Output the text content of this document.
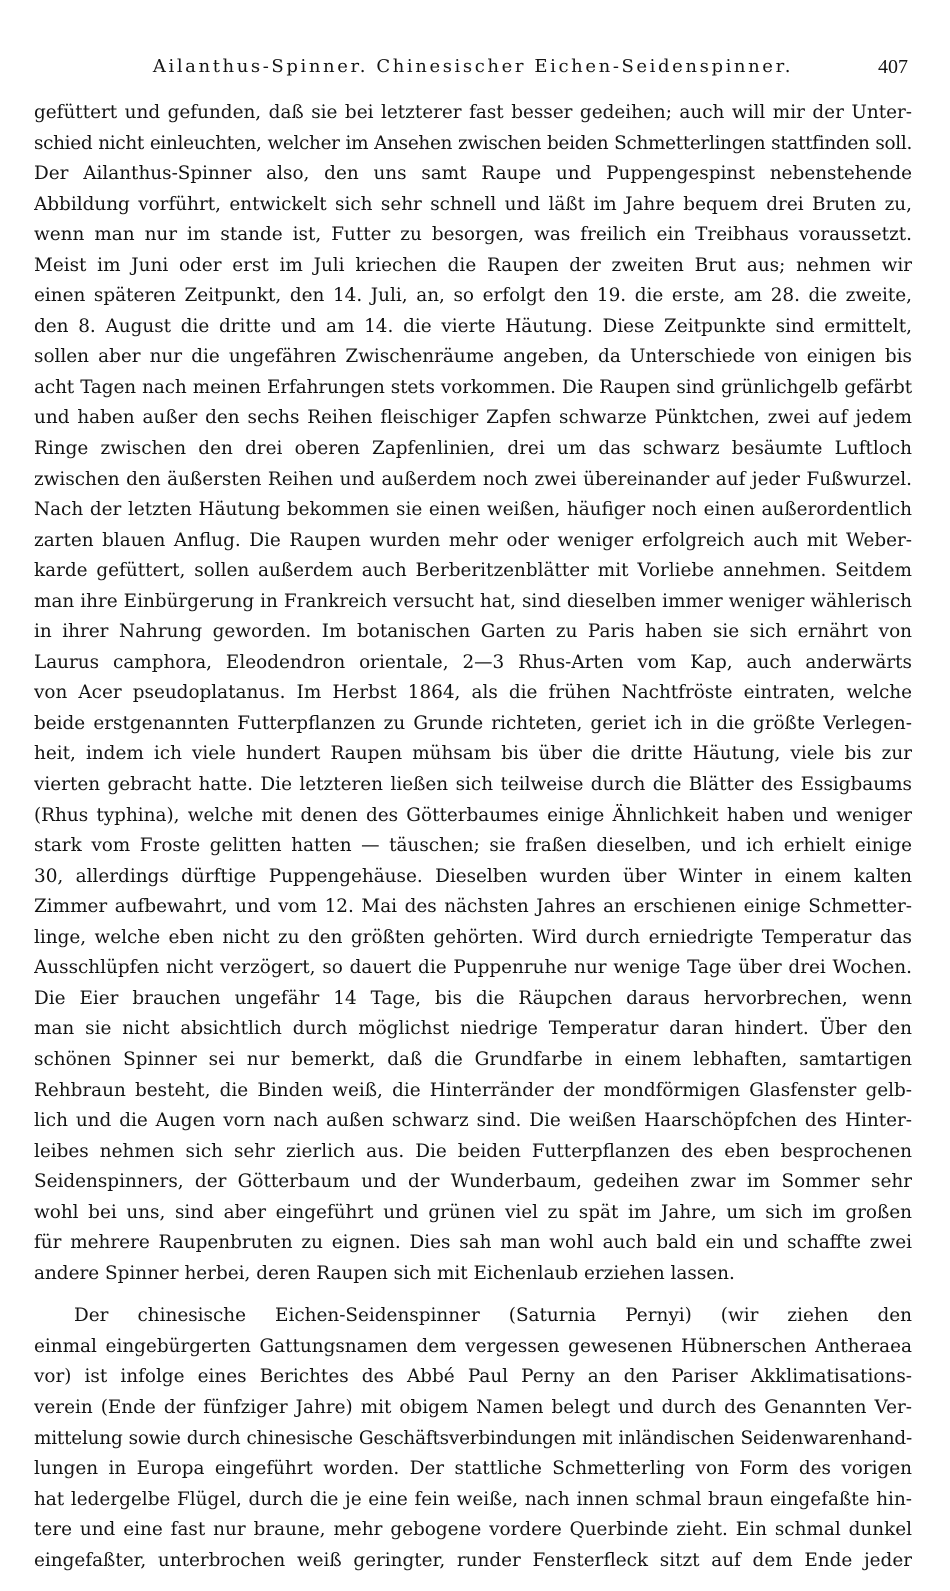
Ailanthus-Spinner. Chinesischer Eichen-Seidenspinner.	407

gefüttert und gefunden, daß sie bei letzterer fast besser gedeihen; auch will mir der Unter-

schied nicht einleuchten, welcher im Ansehen zwischen beiden Schmetterlingen stattfinden soll.

Der Ailanthus-Spinner also, den uns samt Raupe und Puppengespinst nebenstehende

Abbildung vorführt, entwickelt sich sehr schnell und läßt im Jahre bequem drei Bruten zu,

wenn man nur im stande ist, Futter zu besorgen, was freilich ein Treibhaus voraussetzt.

Meist im Juni oder erst im Juli kriechen die Raupen der zweiten Brut aus; nehmen wir

einen späteren Zeitpunkt, den 14. Juli, an, so erfolgt den 19. die erste, am 28. die zweite,

den 8. August die dritte und am 14. die vierte Häutung. Diese Zeitpunkte sind ermittelt,

sollen aber nur die ungefähren Zwischenräume angeben, da Unterschiede von einigen bis

acht Tagen nach meinen Erfahrungen stets vorkommen. Die Raupen sind grünlichgelb gefärbt

und haben außer den sechs Reihen fleischiger Zapfen schwarze Pünktchen, zwei auf jedem

Ringe zwischen den drei oberen Zapfenlinien, drei um das schwarz besäumte Luftloch

zwischen den äußersten Reihen und außerdem noch zwei übereinander auf jeder Fußwurzel.

Nach der letzten Häutung bekommen sie einen weißen, häufiger noch einen außerordentlich

zarten blauen Anflug. Die Raupen wurden mehr oder weniger erfolgreich auch mit Weber-

karde gefüttert, sollen außerdem auch Berberitzenblätter mit Vorliebe annehmen. Seitdem

man ihre Einbürgerung in Frankreich versucht hat, sind dieselben immer weniger wählerisch

in ihrer Nahrung geworden. Im botanischen Garten zu Paris haben sie sich ernährt von

Laurus camphora, Eleodendron orientale, 2—3 Rhus-Arten vom Kap, auch anderwärts

von Acer pseudoplatanus. Im Herbst 1864, als die frühen Nachtfröste eintraten, welche

beide erstgenannten Futterpflanzen zu Grunde richteten, geriet ich in die größte Verlegen-

heit, indem ich viele hundert Raupen mühsam bis über die dritte Häutung, viele bis zur

vierten gebracht hatte. Die letzteren ließen sich teilweise durch die Blätter des Essigbaums

(Rhus typhina), welche mit denen des Götterbaumes einige Ähnlichkeit haben und weniger

stark vom Froste gelitten hatten — täuschen; sie fraßen dieselben, und ich erhielt einige

30, allerdings dürftige Puppengehäuse. Dieselben wurden über Winter in einem kalten

Zimmer aufbewahrt, und vom 12. Mai des nächsten Jahres an erschienen einige Schmetter-

linge, welche eben nicht zu den größten gehörten. Wird durch erniedrigte Temperatur das

Ausschlüpfen nicht verzögert, so dauert die Puppenruhe nur wenige Tage über drei Wochen.

Die Eier brauchen ungefähr 14 Tage, bis die Räupchen daraus hervorbrechen, wenn

man sie nicht absichtlich durch möglichst niedrige Temperatur daran hindert. Über den

schönen Spinner sei nur bemerkt, daß die Grundfarbe in einem lebhaften, samtartigen

Rehbraun besteht, die Binden weiß, die Hinterränder der mondförmigen Glasfenster gelb-

lich und die Augen vorn nach außen schwarz sind. Die weißen Haarschöpfchen des Hinter-

leibes nehmen sich sehr zierlich aus. Die beiden Futterpflanzen des eben besprochenen

Seidenspinners, der Götterbaum und der Wunderbaum, gedeihen zwar im Sommer sehr

wohl bei uns, sind aber eingeführt und grünen viel zu spät im Jahre, um sich im großen

für mehrere Raupenbruten zu eignen. Dies sah man wohl auch bald ein und schaffte zwei

andere Spinner herbei, deren Raupen sich mit Eichenlaub erziehen lassen.

Der chinesische Eichen-Seidenspinner (Saturnia Pernyi) (wir ziehen den

einmal eingebürgerten Gattungsnamen dem vergessen gewesenen Hübnerschen Antheraea

vor) ist infolge eines Berichtes des Abbé Paul Perny an den Pariser Akklimatisations-

verein (Ende der fünfziger Jahre) mit obigem Namen belegt und durch des Genannten Ver-

mittelung sowie durch chinesische Geschäftsverbindungen mit inländischen Seidenwarenhand-

lungen in Europa eingeführt worden. Der stattliche Schmetterling von Form des vorigen

hat ledergelbe Flügel, durch die je eine fein weiße, nach innen schmal braun eingefaßte hin-

tere und eine fast nur braune, mehr gebogene vordere Querbinde zieht. Ein schmal dunkel

eingefaßter, unterbrochen weiß geringter, runder Fensterfleck sitzt auf dem Ende jeder
